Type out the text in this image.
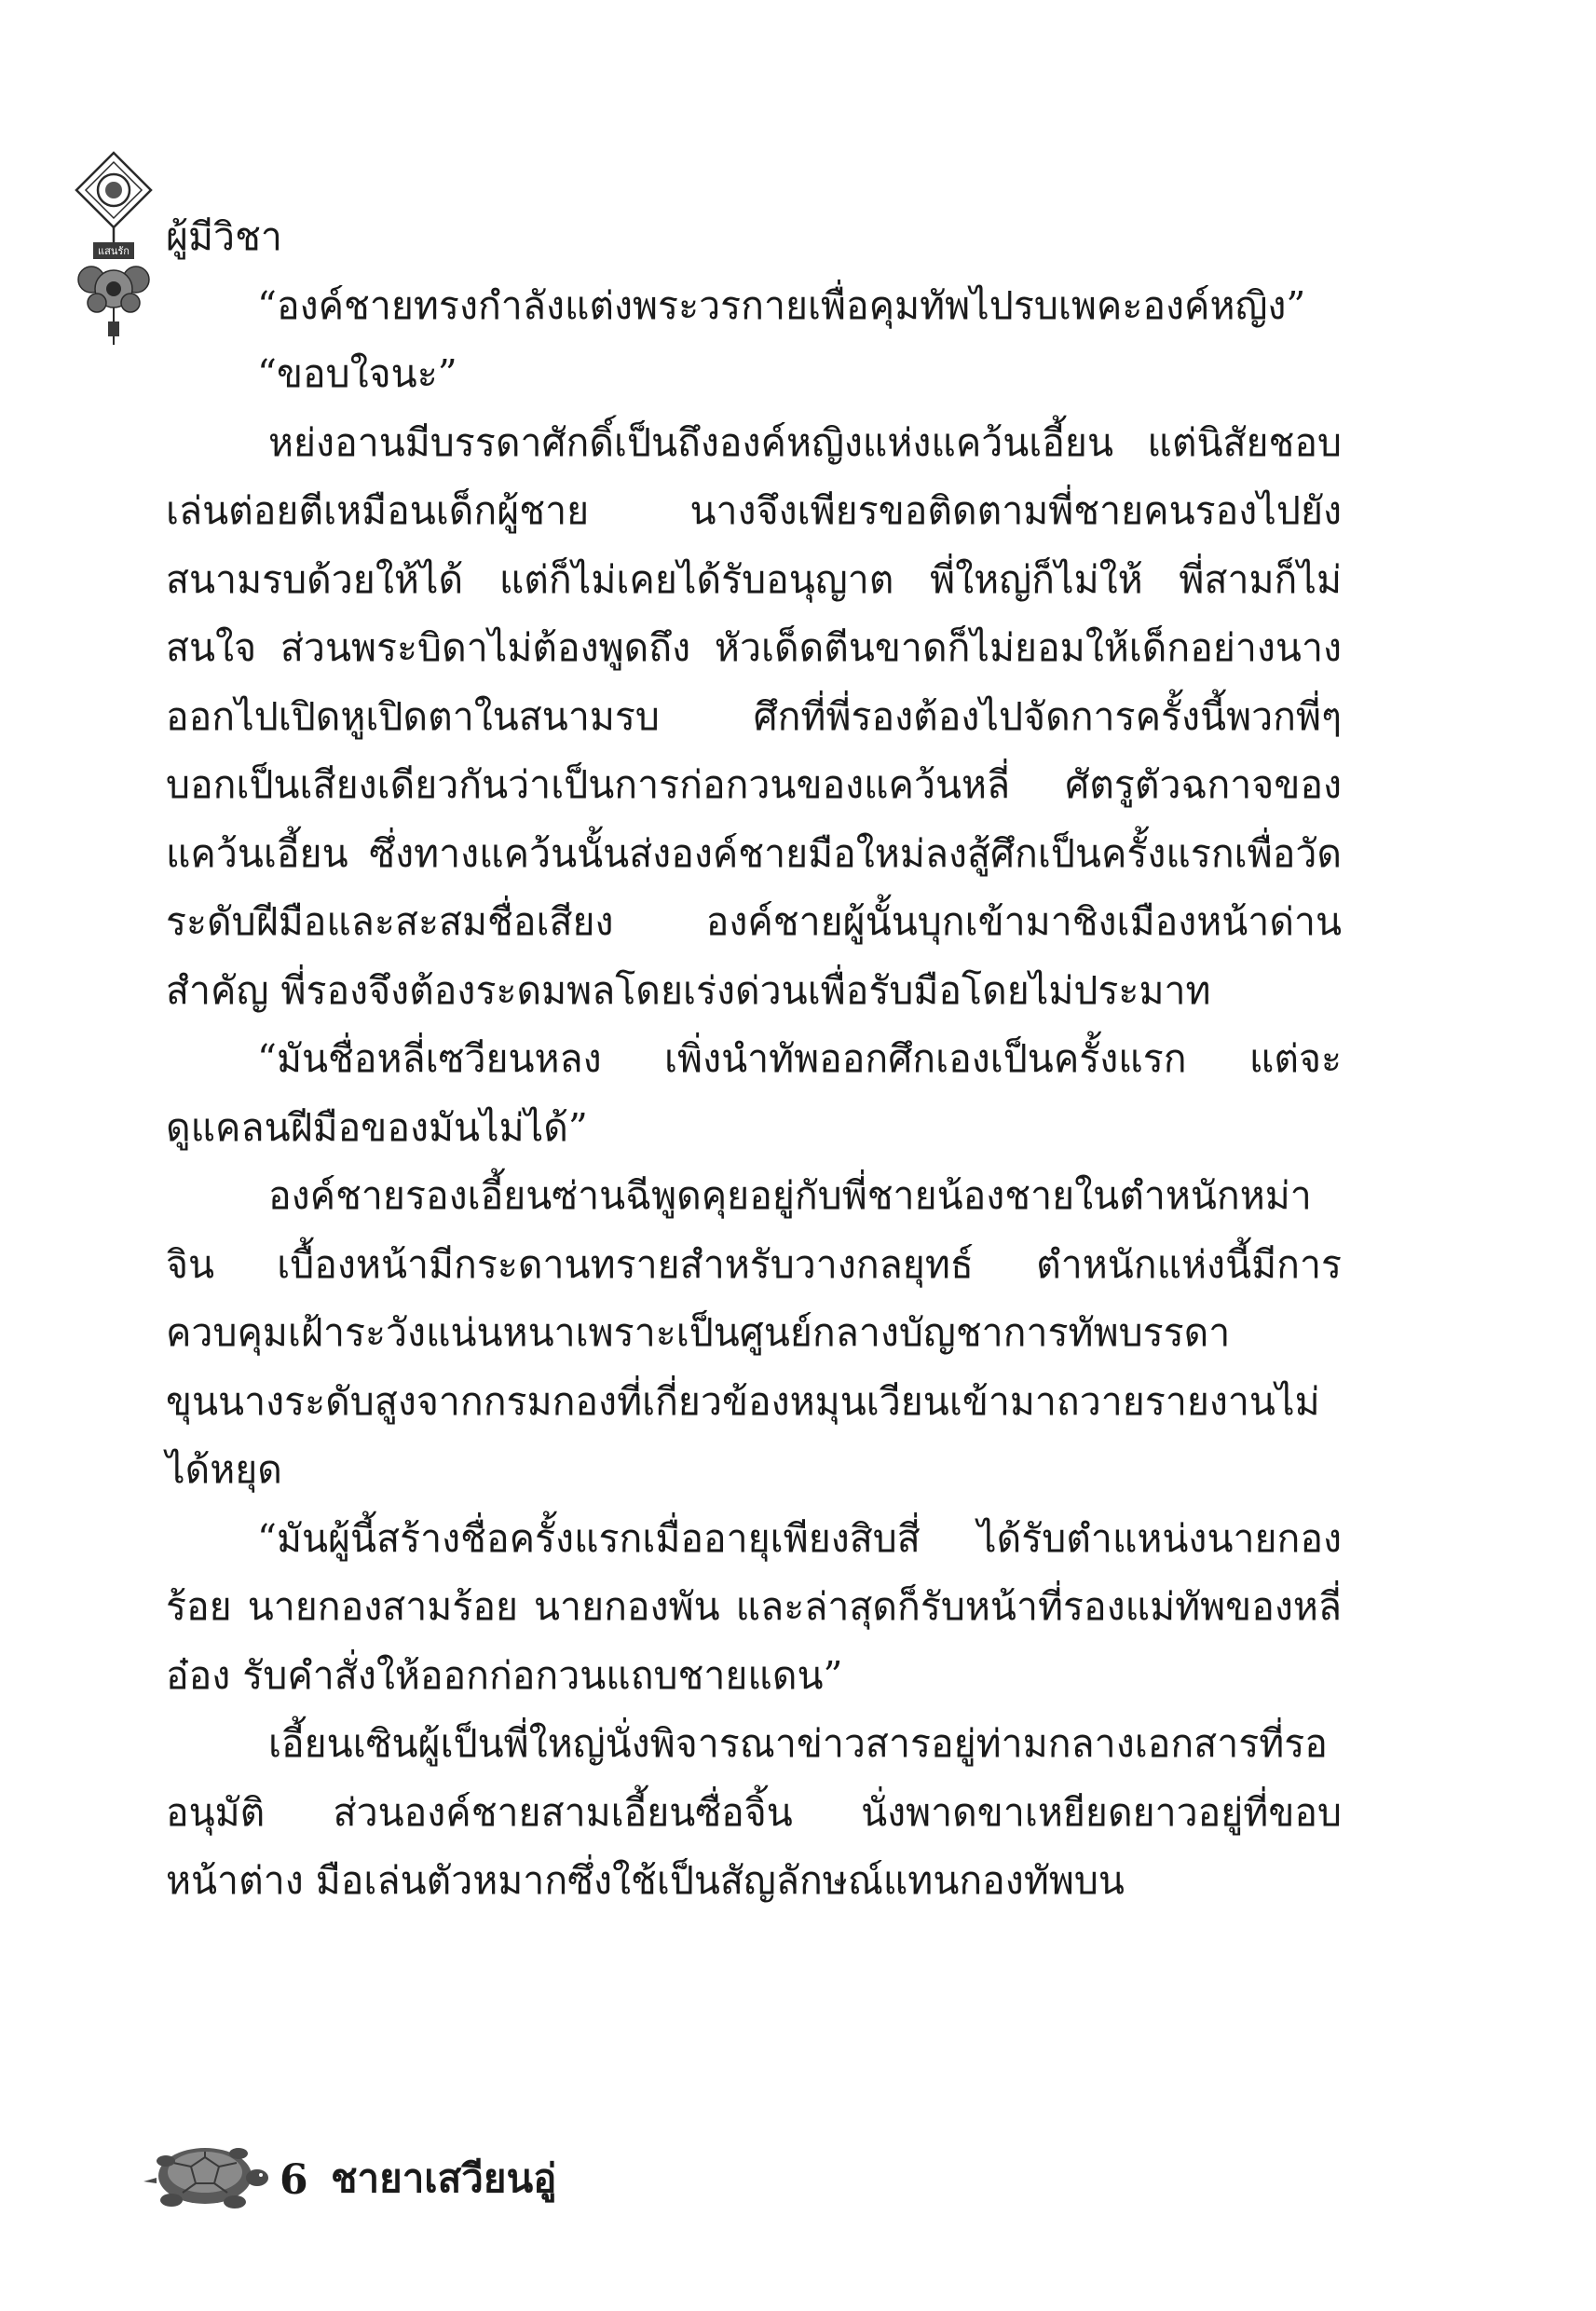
แสนรัก ผู้มีวิชา

“องค์ชายทรงกำลังแต่งพระวรกายเพื่อคุมทัพไปรบเพคะองค์หญิง”

“ขอบใจนะ”

หย่งอานมีบรรดาศักดิ์เป็นถึงองค์หญิงแห่งแคว้นเอี้ยน แต่นิสัยชอบเล่นต่อยตีเหมือนเด็กผู้ชาย นางจึงเพียรขอติดตามพี่ชายคนรองไปยังสนามรบด้วยให้ได้ แต่ก็ไม่เคยได้รับอนุญาต พี่ใหญ่ก็ไม่ให้ พี่สามก็ไม่สนใจ ส่วนพระบิดาไม่ต้องพูดถึง หัวเด็ดตีนขาดก็ไม่ยอมให้เด็กอย่างนางออกไปเปิดหูเปิดตาในสนามรบ ศึกที่พี่รองต้องไปจัดการครั้งนี้พวกพี่ๆ บอกเป็นเสียงเดียวกันว่าเป็นการก่อกวนของแคว้นหลี่ ศัตรูตัวฉกาจของแคว้นเอี้ยน ซึ่งทางแคว้นนั้นส่งองค์ชายมือใหม่ลงสู้ศึกเป็นครั้งแรกเพื่อวัดระดับฝีมือและสะสมชื่อเสียง องค์ชายผู้นั้นบุกเข้ามาชิงเมืองหน้าด่านสำคัญ พี่รองจึงต้องระดมพลโดยเร่งด่วนเพื่อรับมือโดยไม่ประมาท

“มันชื่อหลี่เซวียนหลง เพิ่งนำทัพออกศึกเองเป็นครั้งแรก แต่จะดูแคลนฝีมือของมันไม่ได้”

องค์ชายรองเอี้ยนซ่านฉีพูดคุยอยู่กับพี่ชายน้องชายในตำหนักหม่าจิน เบื้องหน้ามีกระดานทรายสำหรับวางกลยุทธ์ ตำหนักแห่งนี้มีการควบคุมเฝ้าระวังแน่นหนาเพราะเป็นศูนย์กลางบัญชาการทัพบรรดาขุนนางระดับสูงจากกรมกองที่เกี่ยวข้องหมุนเวียนเข้ามาถวายรายงานไม่ได้หยุด

“มันผู้นี้สร้างชื่อครั้งแรกเมื่ออายุเพียงสิบสี่ ได้รับตำแหน่งนายกองร้อย นายกองสามร้อย นายกองพัน และล่าสุดก็รับหน้าที่รองแม่ทัพของหลี่อ๋อง รับคำสั่งให้ออกก่อกวนแถบชายแดน”

เอี้ยนเซินผู้เป็นพี่ใหญ่นั่งพิจารณาข่าวสารอยู่ท่ามกลางเอกสารที่รออนุมัติ ส่วนองค์ชายสามเอี้ยนซื่อจิ้น นั่งพาดขาเหยียดยาวอยู่ที่ขอบหน้าต่าง มือเล่นตัวหมากซึ่งใช้เป็นสัญลักษณ์แทนกองทัพบน

6 ชายาเสวียนอู่
